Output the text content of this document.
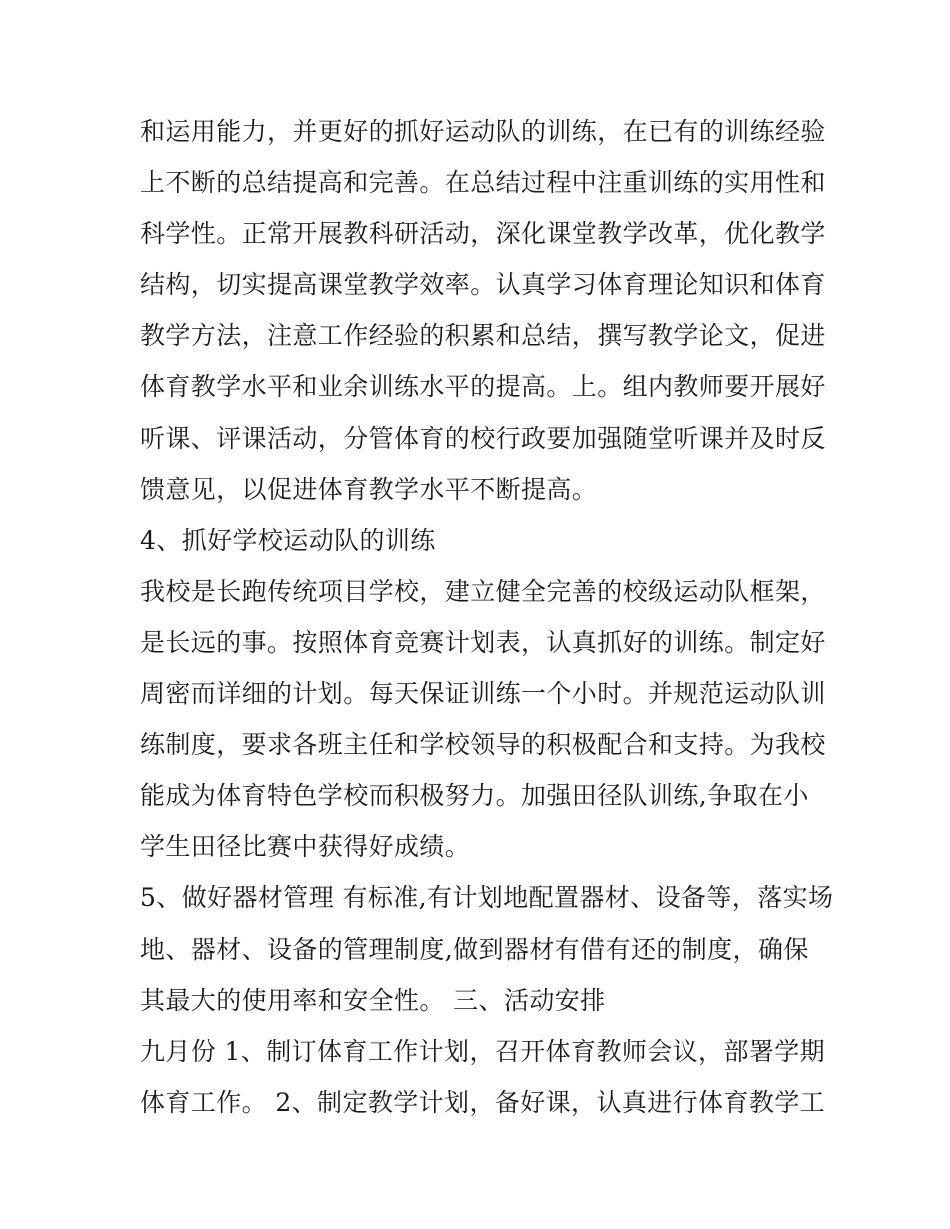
和运用能力，并更好的抓好运动队的训练，在已有的训练经验
上不断的总结提高和完善。在总结过程中注重训练的实用性和
科学性。正常开展教科研活动，深化课堂教学改革，优化教学
结构，切实提高课堂教学效率。认真学习体育理论知识和体育
教学方法，注意工作经验的积累和总结，撰写教学论文，促进
体育教学水平和业余训练水平的提高。上。组内教师要开展好
听课、评课活动，分管体育的校行政要加强随堂听课并及时反
馈意见，以促进体育教学水平不断提高。
4、抓好学校运动队的训练
我校是长跑传统项目学校，建立健全完善的校级运动队框架，
是长远的事。按照体育竞赛计划表，认真抓好的训练。制定好
周密而详细的计划。每天保证训练一个小时。并规范运动队训
练制度，要求各班主任和学校领导的积极配合和支持。为我校
能成为体育特色学校而积极努力。加强田径队训练,争取在小
学生田径比赛中获得好成绩。
5、做好器材管理 有标准,有计划地配置器材、设备等，落实场
地、器材、设备的管理制度,做到器材有借有还的制度，确保
其最大的使用率和安全性。 三、活动安排
九月份 1、制订体育工作计划，召开体育教师会议，部署学期
体育工作。 2、制定教学计划，备好课，认真进行体育教学工
